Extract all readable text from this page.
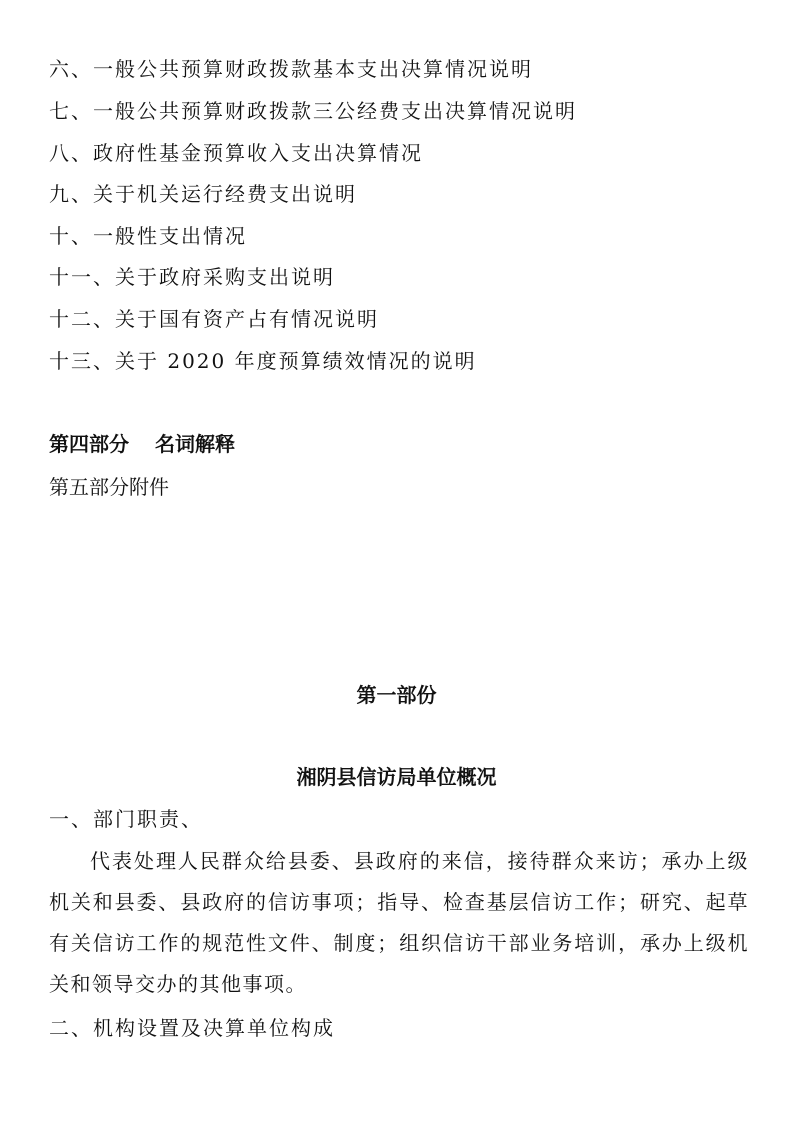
六、一般公共预算财政拨款基本支出决算情况说明
七、一般公共预算财政拨款三公经费支出决算情况说明
八、政府性基金预算收入支出决算情况
九、关于机关运行经费支出说明
十、一般性支出情况
十一、关于政府采购支出说明
十二、关于国有资产占有情况说明
十三、关于 2020 年度预算绩效情况的说明
第四部分 名词解释
第五部分附件
第一部份
湘阴县信访局单位概况
一、部门职责、
代表处理人民群众给县委、县政府的来信，接待群众来访；承办上级机关和县委、县政府的信访事项；指导、检查基层信访工作；研究、起草有关信访工作的规范性文件、制度；组织信访干部业务培训，承办上级机关和领导交办的其他事项。
二、机构设置及决算单位构成
